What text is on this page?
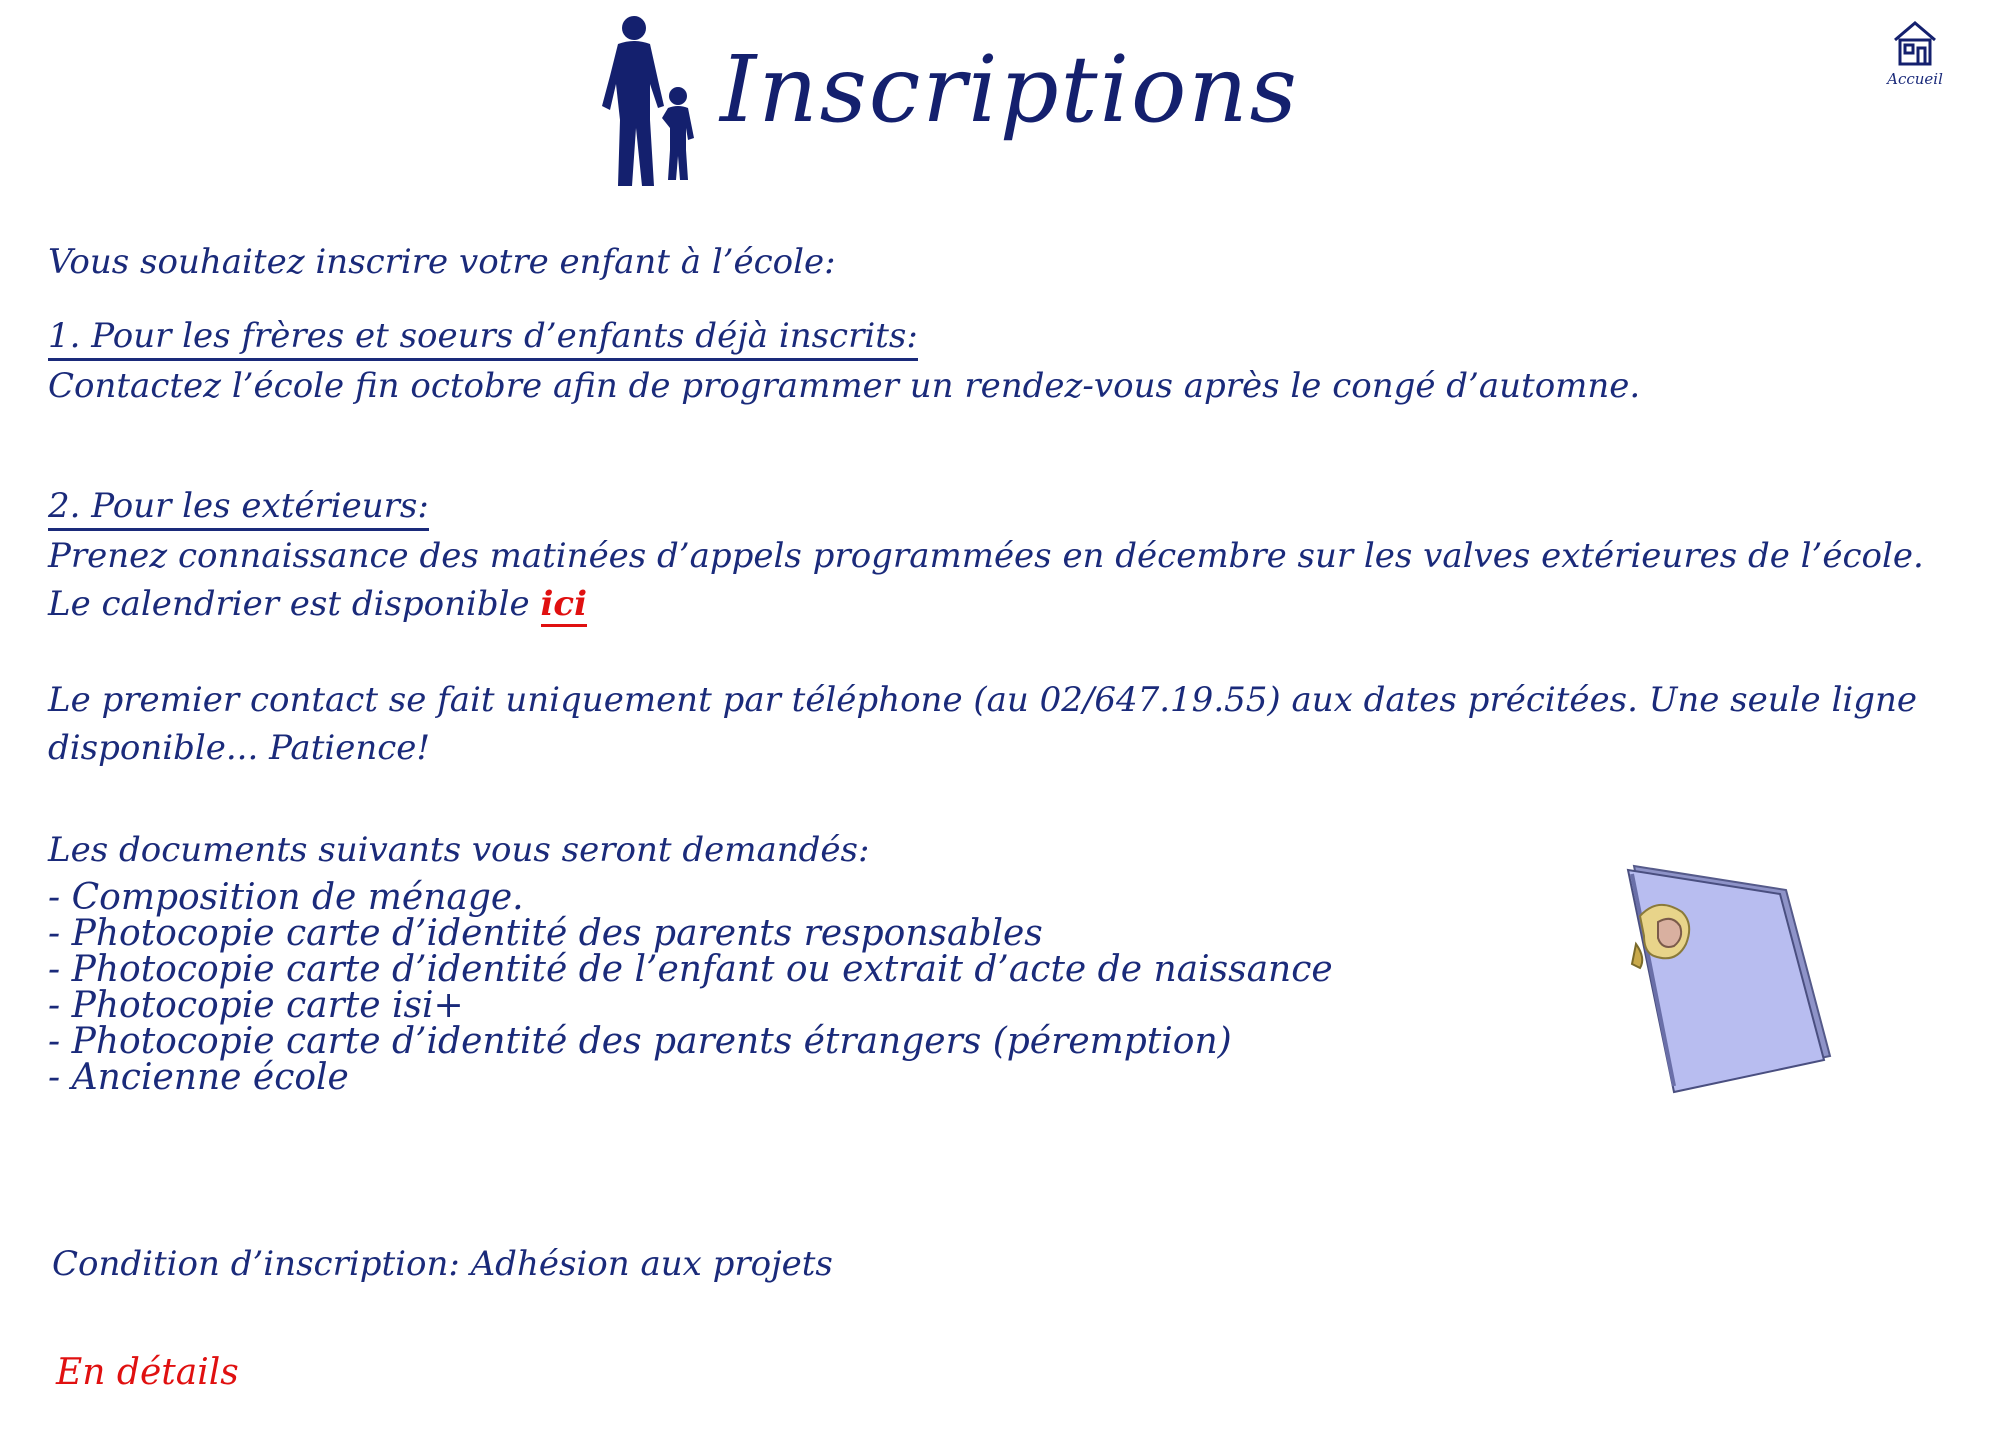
Inscriptions	Accueil
Vous souhaitez inscrire votre enfant à l’école:
1. Pour les frères et soeurs d’enfants déjà inscrits:
Contactez l’école fin octobre afin de programmer un rendez-vous après le congé d’automne.
2. Pour les extérieurs:
Prenez connaissance des matinées d’appels programmées en décembre sur les valves extérieures de l’école. Le calendrier est disponible ici
Le premier contact se fait uniquement par téléphone (au 02/647.19.55) aux dates précitées. Une seule ligne disponible... Patience!
Les documents suivants vous seront demandés:
- Composition de ménage.
- Photocopie carte d’identité des parents responsables
- Photocopie carte d’identité de l’enfant ou extrait d’acte de naissance
- Photocopie carte isi+
- Photocopie carte d’identité des parents étrangers (péremption)
- Ancienne école
Condition d’inscription: Adhésion aux projets
En détails
